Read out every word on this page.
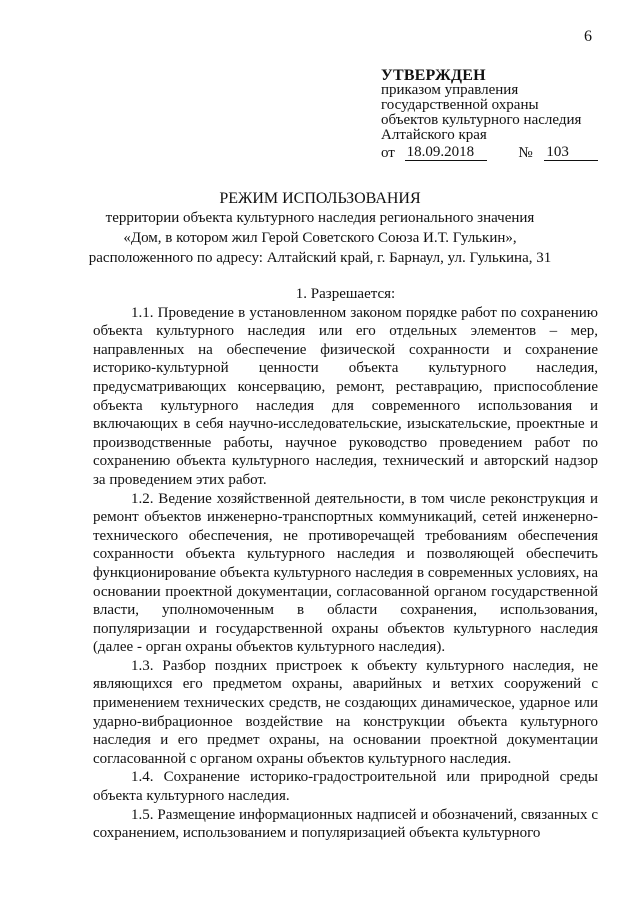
6
УТВЕРЖДЕН
приказом управления
государственной охраны
объектов культурного наследия
Алтайского края
от 18.09.2018	№ 103
РЕЖИМ ИСПОЛЬЗОВАНИЯ
территории объекта культурного наследия регионального значения
«Дом, в котором жил Герой Советского Союза И.Т. Гулькин»,
расположенного по адресу: Алтайский край, г. Барнаул, ул. Гулькина, 31

1. Разрешается:

1.1. Проведение в установленном законом порядке работ по сохранению объекта культурного наследия или его отдельных элементов – мер, направленных на обеспечение физической сохранности и сохранение историко-культурной ценности объекта культурного наследия, предусматривающих консервацию, ремонт, реставрацию, приспособление объекта культурного наследия для современного использования и включающих в себя научно-исследовательские, изыскательские, проектные и производственные работы, научное руководство проведением работ по сохранению объекта культурного наследия, технический и авторский надзор за проведением этих работ.

1.2. Ведение хозяйственной деятельности, в том числе реконструкция и ремонт объектов инженерно-транспортных коммуникаций, сетей инженерно-технического обеспечения, не противоречащей требованиям обеспечения сохранности объекта культурного наследия и позволяющей обеспечить функционирование объекта культурного наследия в современных условиях, на основании проектной документации, согласованной органом государственной власти, уполномоченным в области сохранения, использования, популяризации и государственной охраны объектов культурного наследия (далее - орган охраны объектов культурного наследия).

1.3. Разбор поздних пристроек к объекту культурного наследия, не являющихся его предметом охраны, аварийных и ветхих сооружений с применением технических средств, не создающих динамическое, ударное или ударно-вибрационное воздействие на конструкции объекта культурного наследия и его предмет охраны, на основании проектной документации согласованной с органом охраны объектов культурного наследия.

1.4. Сохранение историко-градостроительной или природной среды объекта культурного наследия.

1.5. Размещение информационных надписей и обозначений, связанных с сохранением, использованием и популяризацией объекта культурного
